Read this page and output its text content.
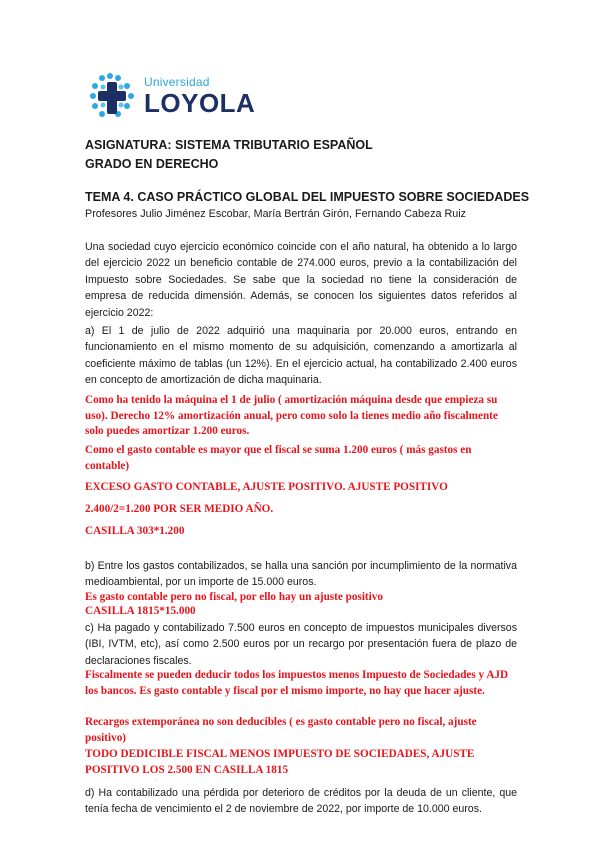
Universidad
LOYOLA
ASIGNATURA: SISTEMA TRIBUTARIO ESPAÑOL
GRADO EN DERECHO
TEMA 4. CASO PRÁCTICO GLOBAL DEL IMPUESTO SOBRE SOCIEDADES
Profesores Julio Jiménez Escobar, María Bertrán Girón, Fernando Cabeza Ruiz
Una sociedad cuyo ejercicio económico coincide con el año natural, ha obtenido a lo largo del ejercicio 2022 un beneficio contable de 274.000 euros, previo a la contabilización del Impuesto sobre Sociedades. Se sabe que la sociedad no tiene la consideración de empresa de reducida dimensión. Además, se conocen los siguientes datos referidos al ejercicio 2022:
a) El 1 de julio de 2022 adquirió una maquinaria por 20.000 euros, entrando en funcionamiento en el mismo momento de su adquisición, comenzando a amortizarla al coeficiente máximo de tablas (un 12%). En el ejercicio actual, ha contabilizado 2.400 euros en concepto de amortización de dicha maquinaria.
Como ha tenido la máquina el 1 de julio ( amortización máquina desde que empieza su uso). Derecho 12% amortización anual, pero como solo la tienes medio año fiscalmente solo puedes amortizar 1.200 euros.
Como el gasto contable es mayor que el fiscal se suma 1.200 euros ( más gastos en contable)
EXCESO GASTO CONTABLE, AJUSTE POSITIVO. AJUSTE POSITIVO
2.400/2=1.200 POR SER MEDIO AÑO.
CASILLA 303*1.200
b) Entre los gastos contabilizados, se halla una sanción por incumplimiento de la normativa medioambiental, por un importe de 15.000 euros.
Es gasto contable pero no fiscal, por ello hay un ajuste positivo
CASILLA 1815*15.000
c) Ha pagado y contabilizado 7.500 euros en concepto de impuestos municipales diversos (IBI, IVTM, etc), así como 2.500 euros por un recargo por presentación fuera de plazo de declaraciones fiscales.
Fiscalmente se pueden deducir todos los impuestos menos Impuesto de Sociedades y AJD los bancos. Es gasto contable y fiscal por el mismo importe, no hay que hacer ajuste.
Recargos extemporánea no son deducibles ( es gasto contable pero no fiscal, ajuste positivo)
TODO DEDICIBLE FISCAL MENOS IMPUESTO DE SOCIEDADES, AJUSTE POSITIVO LOS 2.500 EN CASILLA 1815
d) Ha contabilizado una pérdida por deterioro de créditos por la deuda de un cliente, que tenía fecha de vencimiento el 2 de noviembre de 2022, por importe de 10.000 euros.
